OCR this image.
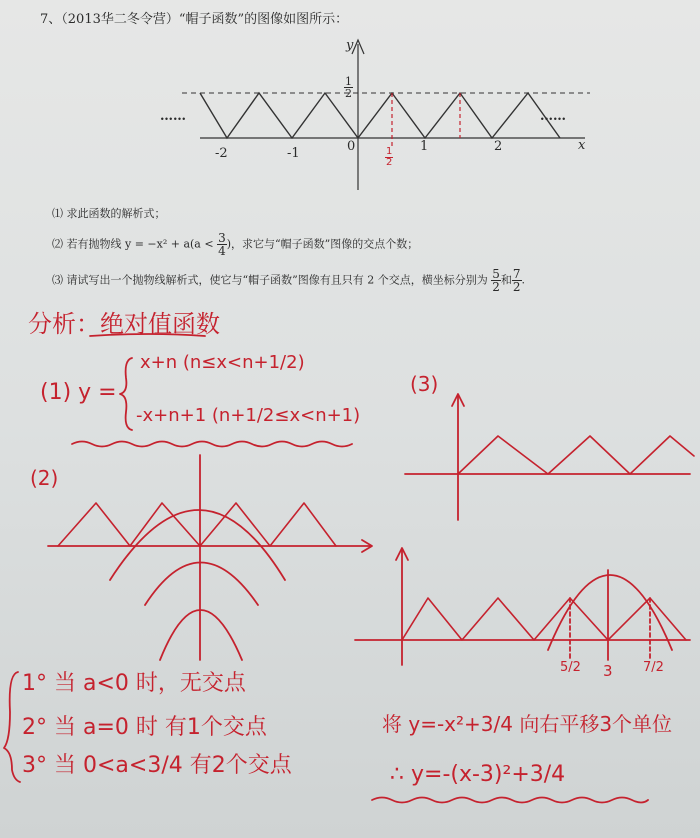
7、（2013华二冬令营）“帽子函数”的图像如图所示：
y
x
$\frac{1}{2}$
0
-2	-1	1	2
$\frac{1}{2}$
……	……
⑴ 求此函数的解析式；
⑵ 若有抛物线 $y = -x^2 + a(a < \frac{3}{4}$ )，求它与“帽子函数”图像的交点个数；
⑶ 请试写出一个抛物线解析式，使它与“帽子函数”图像有且只有 2 个交点，横坐标分别为 $\frac{5}{2}$ 和 $\frac{7}{2}$ .
分析：绝对值函数
(1) y =
x+n (n≤x<n+1/2)
-x+n+1 (n+1/2≤x<n+1)
(2)
(3)
5/2 3 7/2
1° 当 a<0 时，无交点
2° 当 a=0 时 有1个交点
3° 当 0<a<3/4 有2个交点
将 y=-x²+3/4 向右平移3个单位
∴ y=-(x-3)²+3/4
